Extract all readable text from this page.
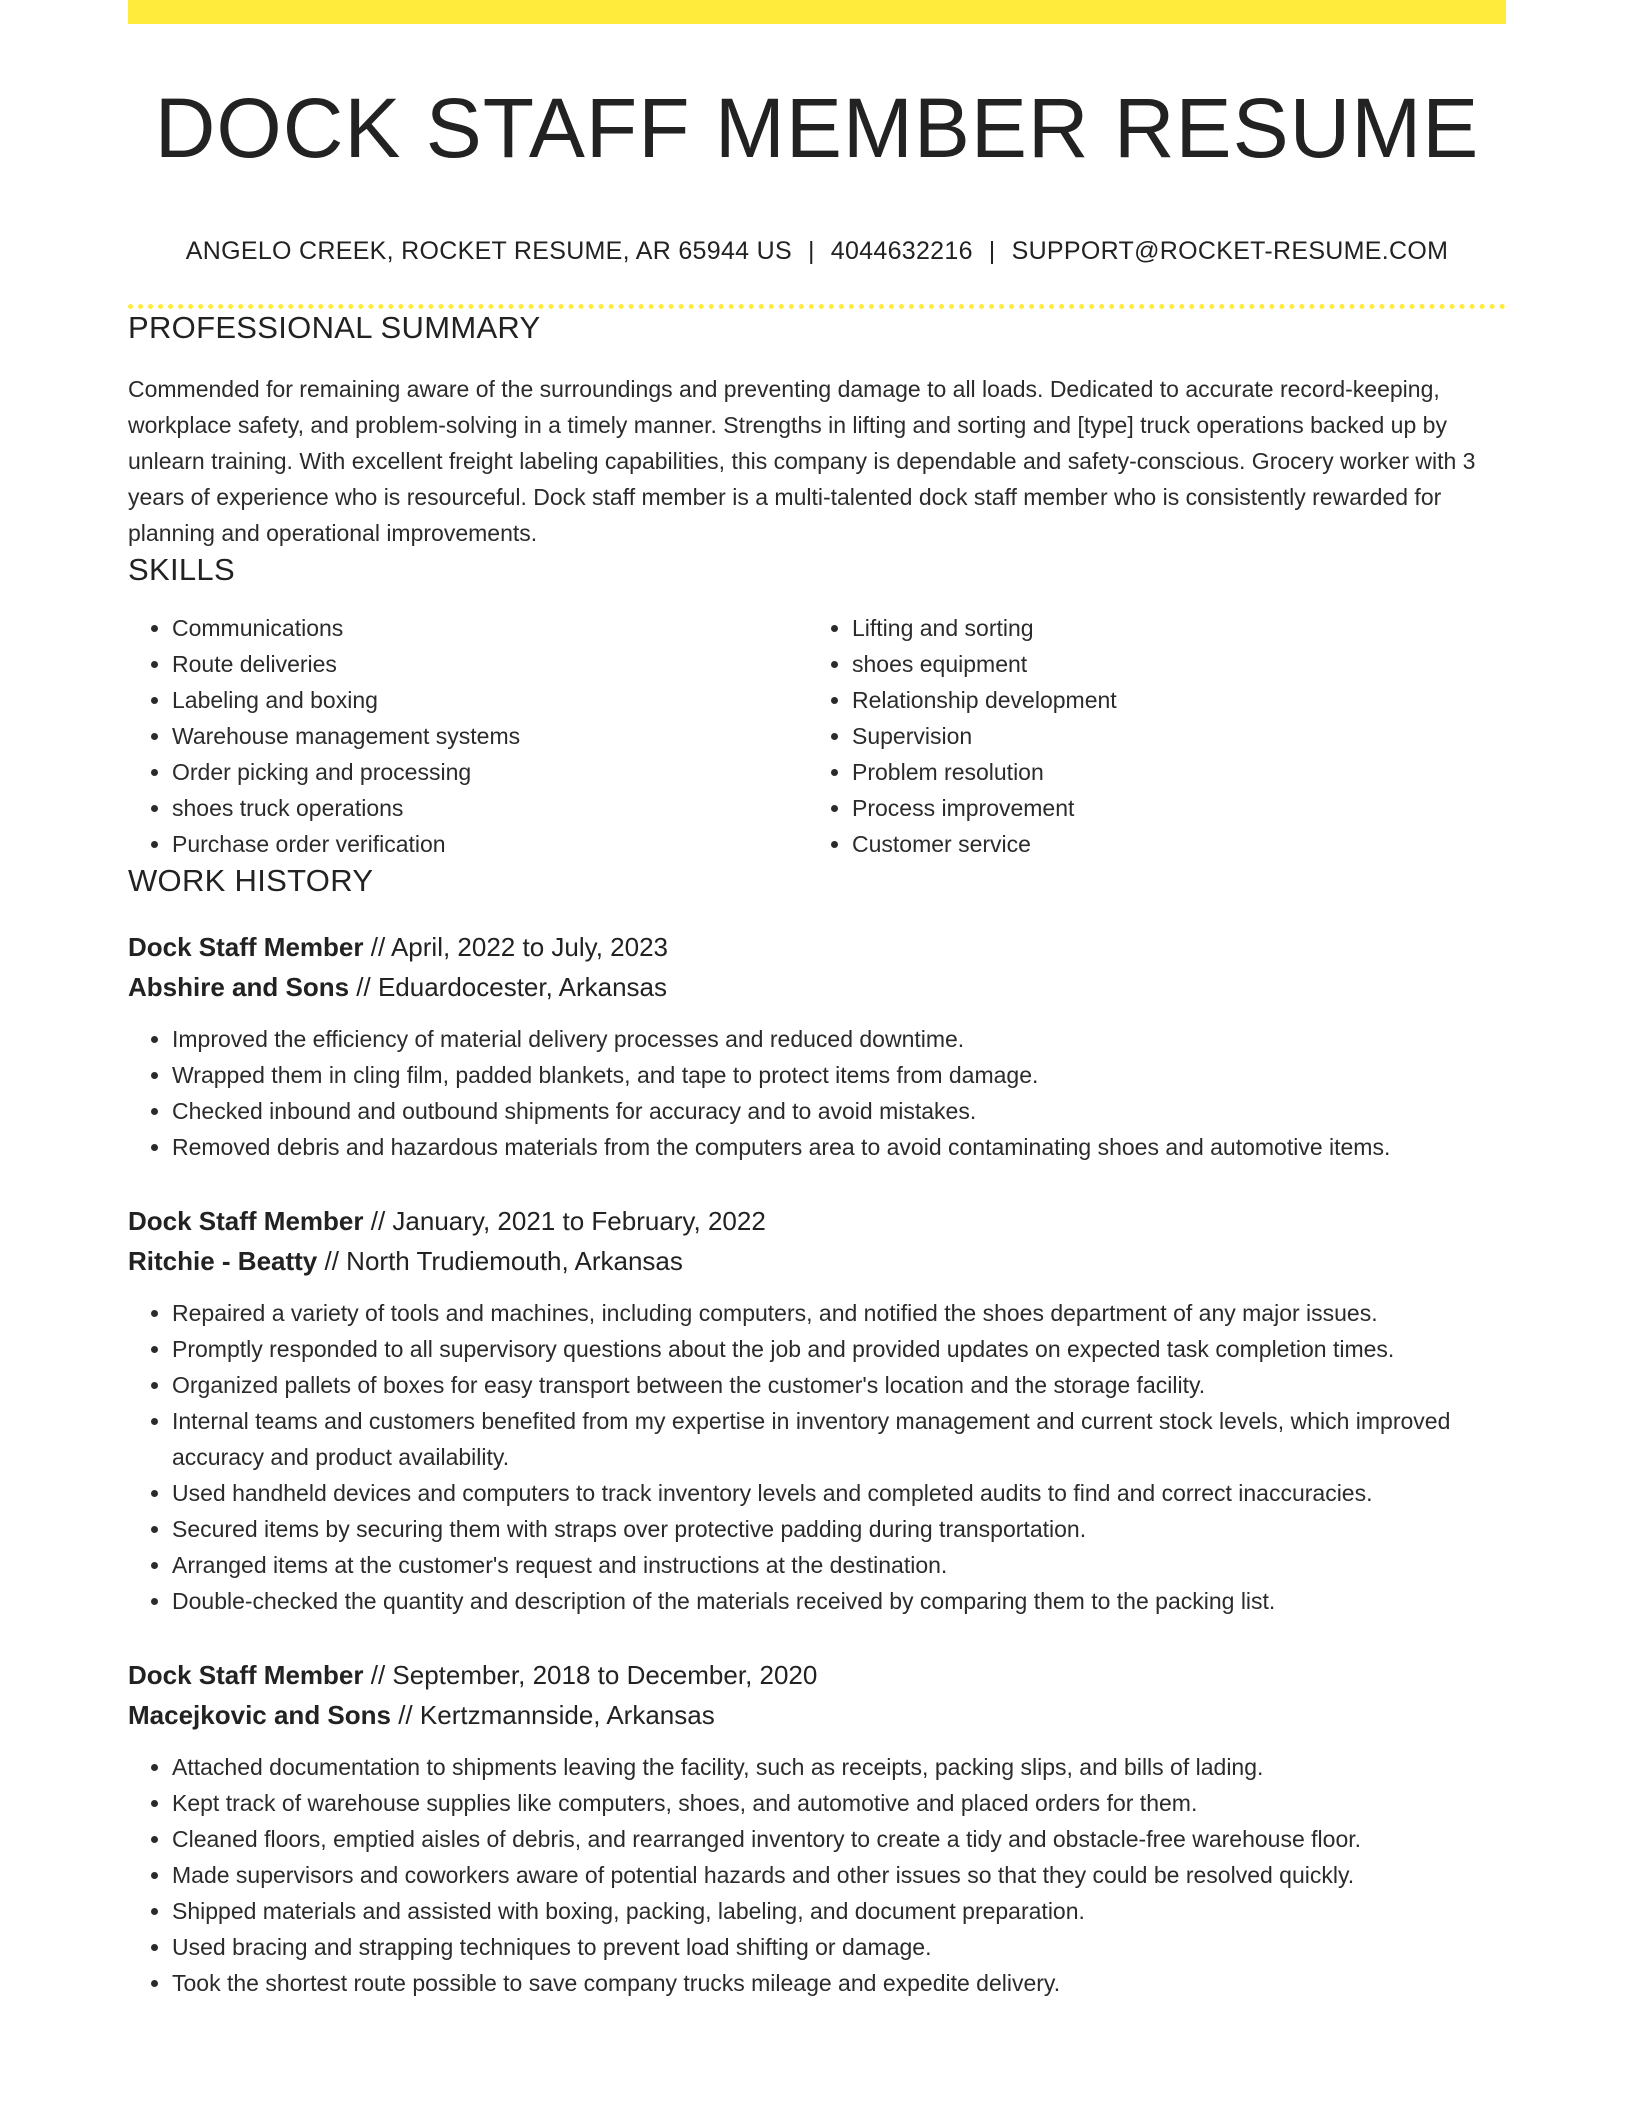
DOCK STAFF MEMBER RESUME
ANGELO CREEK, ROCKET RESUME, AR 65944 US | 4044632216 | SUPPORT@ROCKET-RESUME.COM
PROFESSIONAL SUMMARY
Commended for remaining aware of the surroundings and preventing damage to all loads. Dedicated to accurate record-keeping, workplace safety, and problem-solving in a timely manner. Strengths in lifting and sorting and [type] truck operations backed up by unlearn training. With excellent freight labeling capabilities, this company is dependable and safety-conscious. Grocery worker with 3 years of experience who is resourceful. Dock staff member is a multi-talented dock staff member who is consistently rewarded for planning and operational improvements.
SKILLS
• Communications
• Route deliveries
• Labeling and boxing
• Warehouse management systems
• Order picking and processing
• shoes truck operations
• Purchase order verification
• Lifting and sorting
• shoes equipment
• Relationship development
• Supervision
• Problem resolution
• Process improvement
• Customer service
WORK HISTORY
Dock Staff Member // April, 2022 to July, 2023
Abshire and Sons // Eduardocester, Arkansas
• Improved the efficiency of material delivery processes and reduced downtime.
• Wrapped them in cling film, padded blankets, and tape to protect items from damage.
• Checked inbound and outbound shipments for accuracy and to avoid mistakes.
• Removed debris and hazardous materials from the computers area to avoid contaminating shoes and automotive items.
Dock Staff Member // January, 2021 to February, 2022
Ritchie - Beatty // North Trudiemouth, Arkansas
• Repaired a variety of tools and machines, including computers, and notified the shoes department of any major issues.
• Promptly responded to all supervisory questions about the job and provided updates on expected task completion times.
• Organized pallets of boxes for easy transport between the customer's location and the storage facility.
• Internal teams and customers benefited from my expertise in inventory management and current stock levels, which improved accuracy and product availability.
• Used handheld devices and computers to track inventory levels and completed audits to find and correct inaccuracies.
• Secured items by securing them with straps over protective padding during transportation.
• Arranged items at the customer's request and instructions at the destination.
• Double-checked the quantity and description of the materials received by comparing them to the packing list.
Dock Staff Member // September, 2018 to December, 2020
Macejkovic and Sons // Kertzmannside, Arkansas
• Attached documentation to shipments leaving the facility, such as receipts, packing slips, and bills of lading.
• Kept track of warehouse supplies like computers, shoes, and automotive and placed orders for them.
• Cleaned floors, emptied aisles of debris, and rearranged inventory to create a tidy and obstacle-free warehouse floor.
• Made supervisors and coworkers aware of potential hazards and other issues so that they could be resolved quickly.
• Shipped materials and assisted with boxing, packing, labeling, and document preparation.
• Used bracing and strapping techniques to prevent load shifting or damage.
• Took the shortest route possible to save company trucks mileage and expedite delivery.
